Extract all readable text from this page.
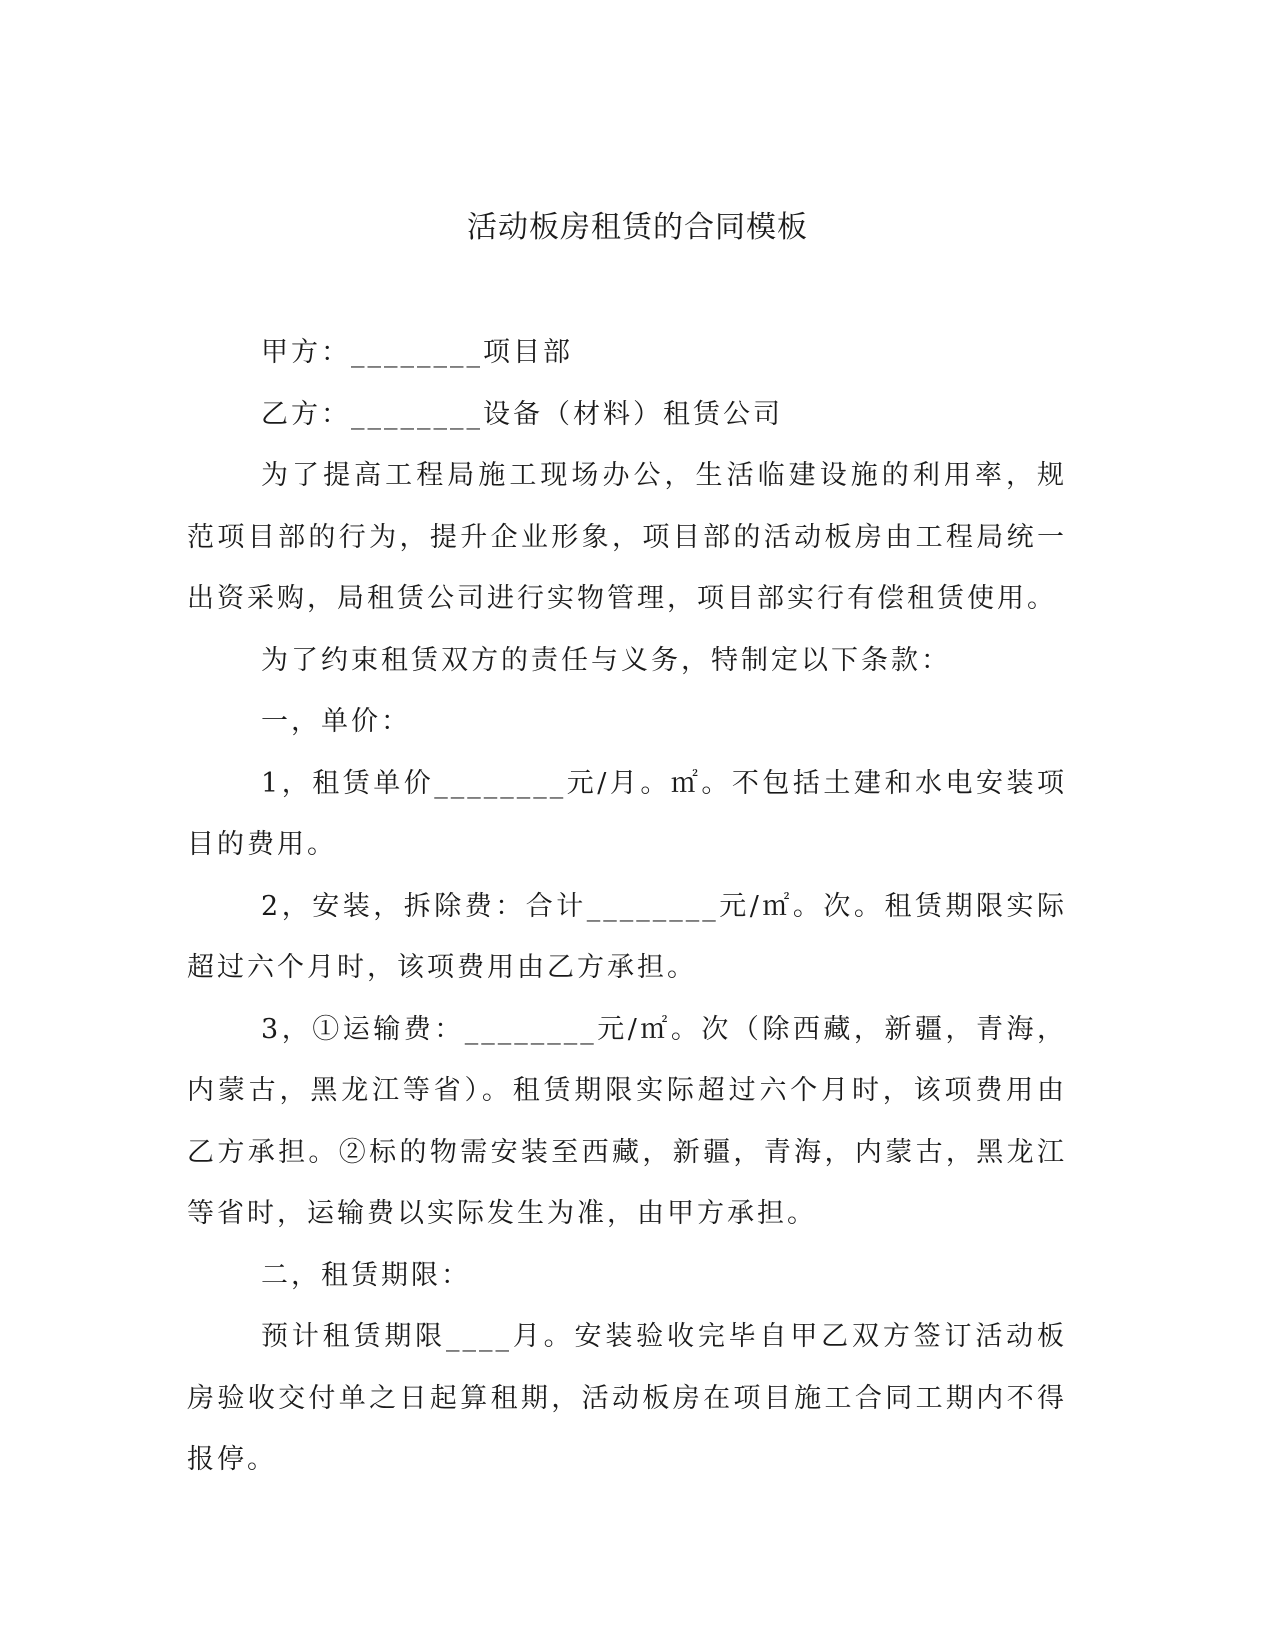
活动板房租赁的合同模板

甲方：________项目部

乙方：________设备（材料）租赁公司

为了提高工程局施工现场办公，生活临建设施的利用率，规范项目部的行为，提升企业形象，项目部的活动板房由工程局统一出资采购，局租赁公司进行实物管理，项目部实行有偿租赁使用。

为了约束租赁双方的责任与义务，特制定以下条款：

一，单价：

1，租赁单价________元/月。㎡。不包括土建和水电安装项目的费用。

2，安装，拆除费：合计________元/㎡。次。租赁期限实际超过六个月时，该项费用由乙方承担。

3，①运输费：________元/㎡。次（除西藏，新疆，青海，内蒙古，黑龙江等省）。租赁期限实际超过六个月时，该项费用由乙方承担。②标的物需安装至西藏，新疆，青海，内蒙古，黑龙江等省时，运输费以实际发生为准，由甲方承担。

二，租赁期限：

预计租赁期限____月。安装验收完毕自甲乙双方签订活动板房验收交付单之日起算租期，活动板房在项目施工合同工期内不得报停。
